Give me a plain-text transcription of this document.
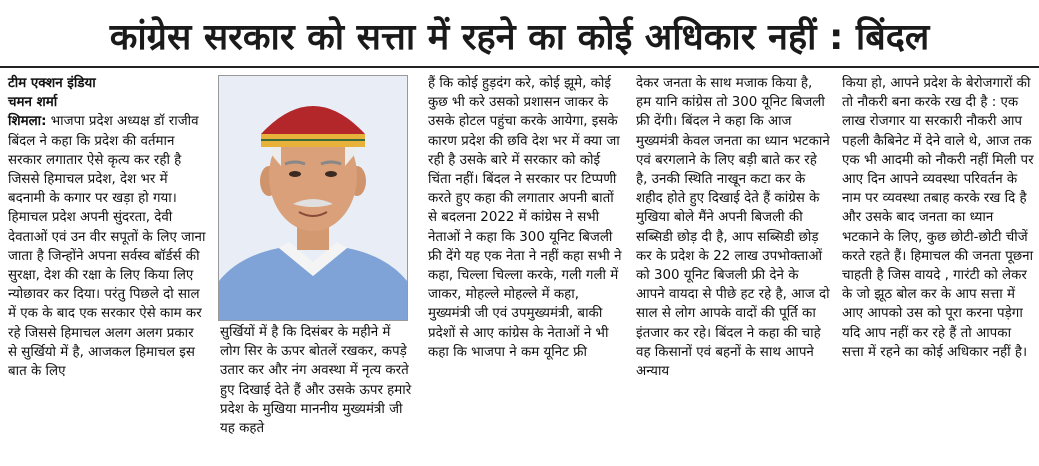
कांग्रेस सरकार को सत्ता में रहने का कोई अधिकार नहीं : बिंदल

टीम एक्शन इंडिया

चमन शर्मा

शिमला: भाजपा प्रदेश अध्यक्ष डॉ राजीव बिंदल ने कहा कि प्रदेश की वर्तमान सरकार लगातार ऐसे कृत्य कर रही है जिससे हिमाचल प्रदेश, देश भर में बदनामी के कगार पर खड़ा हो गया। हिमाचल प्रदेश अपनी सुंदरता, देवी देवताओं एवं उन वीर सपूतों के लिए जाना जाता है जिन्होंने अपना सर्वस्व बॉर्डर्स की सुरक्षा, देश की रक्षा के लिए किया लिए न्योछावर कर दिया। परंतु पिछले दो साल में एक के बाद एक सरकार ऐसे काम कर रहे जिससे हिमाचल अलग अलग प्रकार से सुर्खियो में है, आजकल हिमाचल इस बात के लिए

सुर्खियों में है कि दिसंबर के महीने में लोग सिर के ऊपर बोतलें रखकर, कपड़े उतार कर और नंग अवस्था में नृत्य करते हुए दिखाई देते हैं और उसके ऊपर हमारे प्रदेश के मुखिया माननीय मुख्यमंत्री जी यह कहते

हैं कि कोई हुड़दंग करे, कोई झूमे, कोई कुछ भी करे उसको प्रशासन जाकर के उसके होटल पहुंचा करके आयेगा, इसके कारण प्रदेश की छवि देश भर में क्या जा रही है उसके बारे में सरकार को कोई चिंता नहीं। बिंदल ने सरकार पर टिप्पणी करते हुए कहा की लगातार अपनी बातों से बदलना 2022 में कांग्रेस ने सभी नेताओं ने कहा कि 300 यूनिट बिजली फ्री देंगे यह एक नेता ने नहीं कहा सभी ने कहा, चिल्ला चिल्ला करके, गली गली में जाकर, मोहल्ले मोहल्ले में कहा, मुख्यमंत्री जी एवं उपमुख्यमंत्री, बाकी प्रदेशों से आए कांग्रेस के नेताओं ने भी कहा कि भाजपा ने कम यूनिट फ्री

देकर जनता के साथ मजाक किया है, हम यानि कांग्रेस तो 300 यूनिट बिजली फ्री देंगी। बिंदल ने कहा कि आज मुख्यमंत्री केवल जनता का ध्यान भटकाने एवं बरगलाने के लिए बड़ी बाते कर रहे है, उनकी स्थिति नाखून कटा कर के शहीद होते हुए दिखाई देते हैं कांग्रेस के मुखिया बोले मैंने अपनी बिजली की सब्सिडी छोड़ दी है, आप सब्सिडी छोड़ कर के प्रदेश के 22 लाख उपभोक्ताओं को 300 यूनिट बिजली फ्री देने के आपने वायदा से पीछे हट रहे है, आज दो साल से लोग आपके वादों की पूर्ति का इंतजार कर रहे। बिंदल ने कहा की चाहे वह किसानों एवं बहनों के साथ आपने अन्याय

किया हो, आपने प्रदेश के बेरोजगारों की तो नौकरी बना करके रख दी है : एक लाख रोजगार या सरकारी नौकरी आप पहली कैबिनेट में देने वाले थे, आज तक एक भी आदमी को नौकरी नहीं मिली पर आए दिन आपने व्यवस्था परिवर्तन के नाम पर व्यवस्था तबाह करके रख दि है और उसके बाद जनता का ध्यान भटकाने के लिए, कुछ छोटी-छोटी चीजें करते रहते हैं। हिमाचल की जनता पूछना चाहती है जिस वायदे , गारंटी को लेकर के जो झूठ बोल कर के आप सत्ता में आए आपको उस को पूरा करना पड़ेगा यदि आप नहीं कर रहे हैं तो आपका सत्ता में रहने का कोई अधिकार नहीं है।
